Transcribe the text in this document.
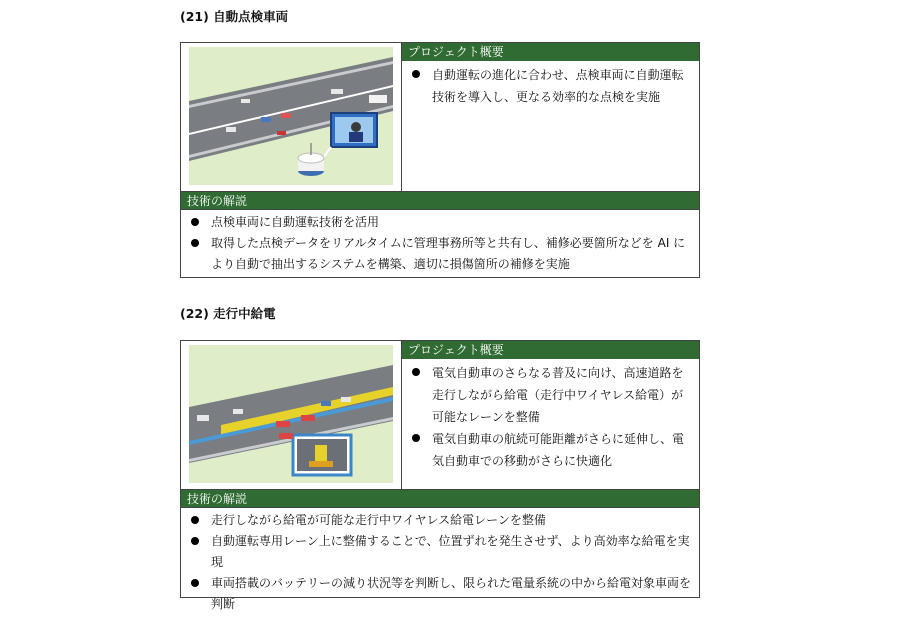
(21) 自動点検車両
プロジェクト概要
自動運転の進化に合わせ、点検車両に自動運転技術を導入し、更なる効率的な点検を実施
技術の解説
点検車両に自動運転技術を活用
取得した点検データをリアルタイムに管理事務所等と共有し、補修必要箇所などを AI により自動で抽出するシステムを構築、適切に損傷箇所の補修を実施
(22) 走行中給電
プロジェクト概要
電気自動車のさらなる普及に向け、高速道路を走行しながら給電（走行中ワイヤレス給電）が可能なレーンを整備
電気自動車の航続可能距離がさらに延伸し、電気自動車での移動がさらに快適化
技術の解説
走行しながら給電が可能な走行中ワイヤレス給電レーンを整備
自動運転専用レーン上に整備することで、位置ずれを発生させず、より高効率な給電を実現
車両搭載のバッテリーの減り状況等を判断し、限られた電量系統の中から給電対象車両を判断
